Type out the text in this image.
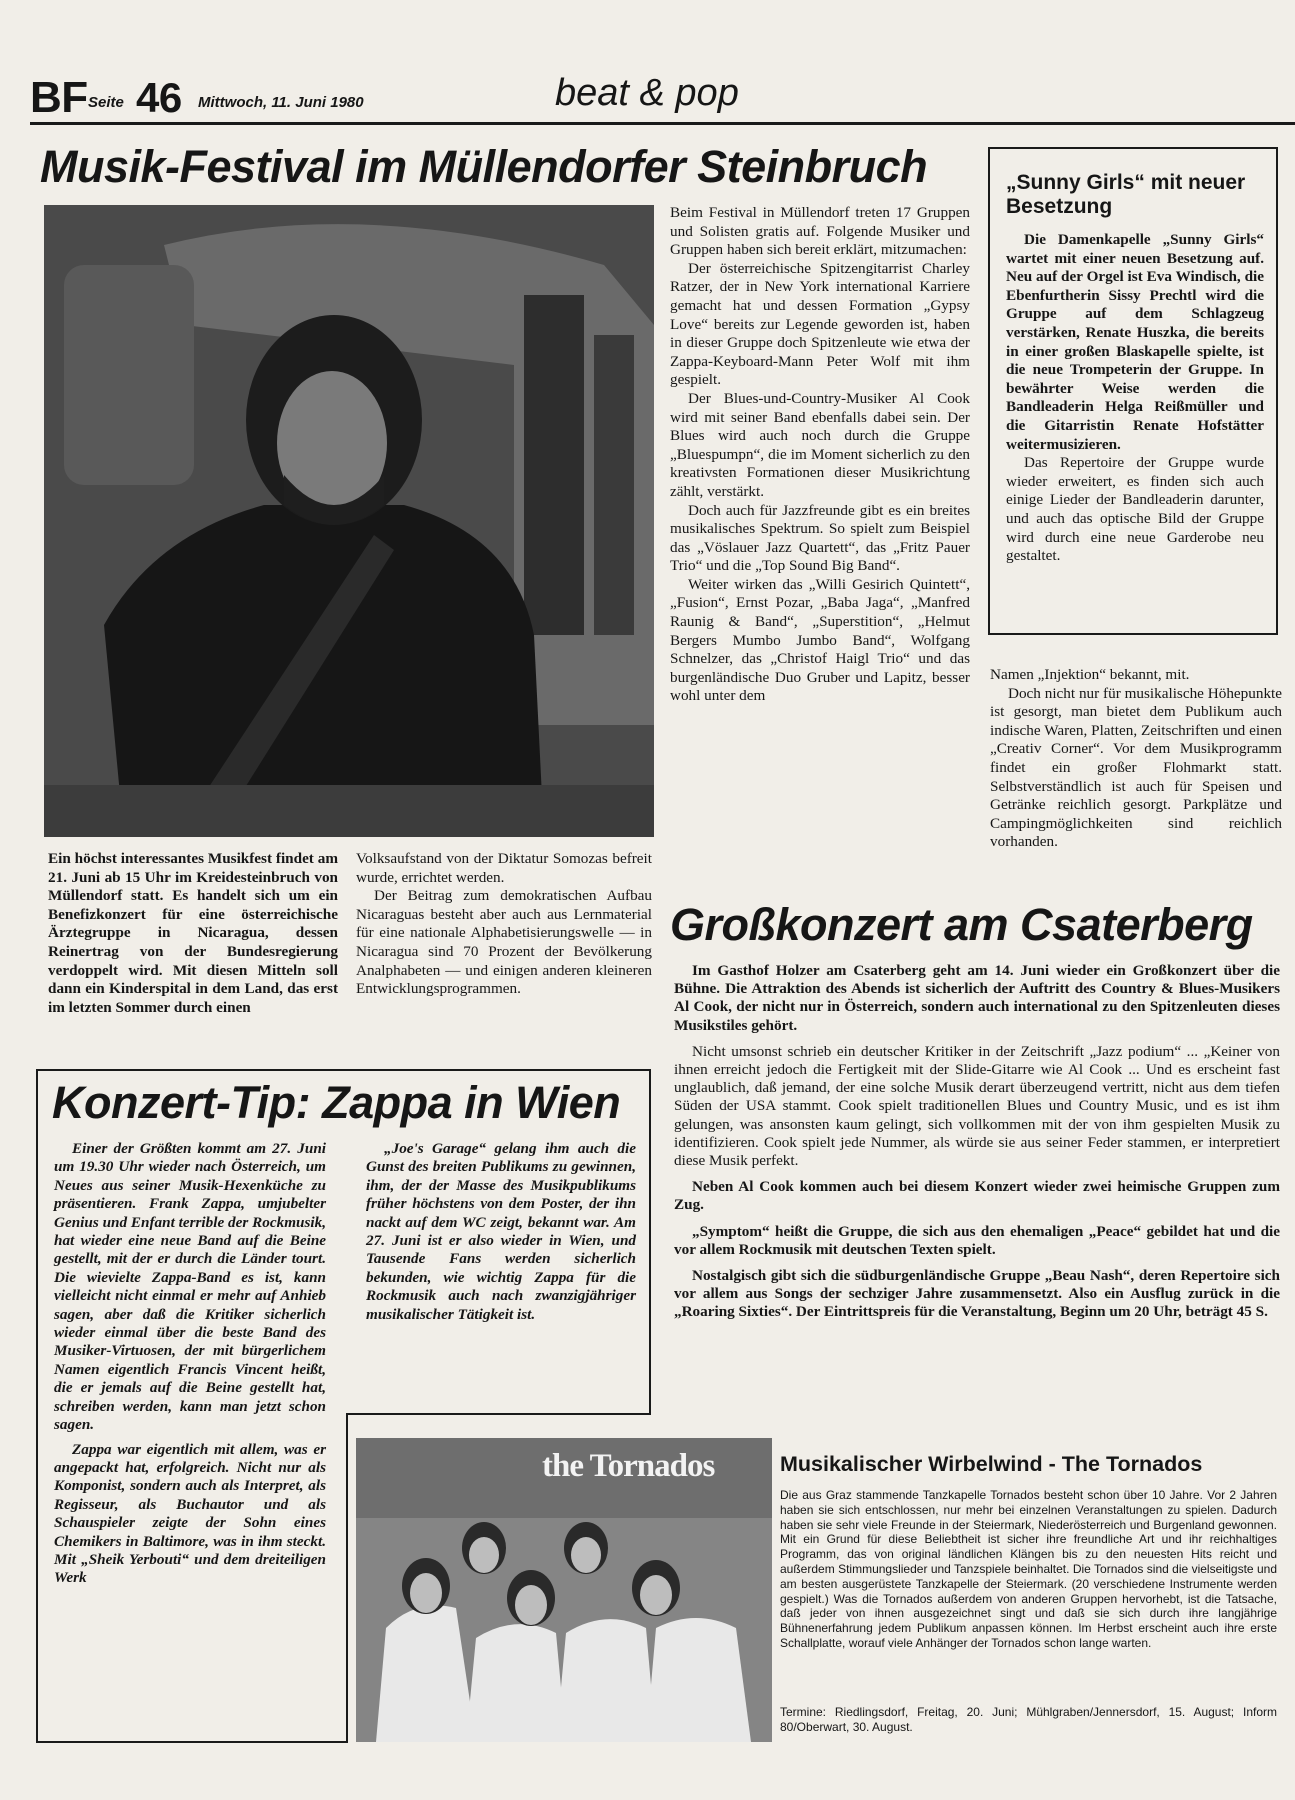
BF Seite 46 Mittwoch, 11. Juni 1980	beat & pop
Musik-Festival im Müllendorfer Steinbruch
Ein höchst interessantes Musikfest findet am 21. Juni ab 15 Uhr im Kreidesteinbruch von Müllendorf statt. Es handelt sich um ein Benefizkonzert für eine österreichische Ärztegruppe in Nicaragua, dessen Reinertrag von der Bundesregierung verdoppelt wird. Mit diesen Mitteln soll dann ein Kinderspital in dem Land, das erst im letzten Sommer durch einen

Volksaufstand von der Diktatur Somozas befreit wurde, errichtet werden.

Der Beitrag zum demokratischen Aufbau Nicaraguas besteht aber auch aus Lernmaterial für eine nationale Alphabetisierungswelle — in Nicaragua sind 70 Prozent der Bevölkerung Analphabeten — und einigen anderen kleineren Entwicklungsprogrammen.

Beim Festival in Müllendorf treten 17 Gruppen und Solisten gratis auf. Folgende Musiker und Gruppen haben sich bereit erklärt, mitzumachen:

Der österreichische Spitzengitarrist Charley Ratzer, der in New York international Karriere gemacht hat und dessen Formation „Gypsy Love“ bereits zur Legende geworden ist, haben in dieser Gruppe doch Spitzenleute wie etwa der Zappa-Keyboard-Mann Peter Wolf mit ihm gespielt.

Der Blues-und-Country-Musiker Al Cook wird mit seiner Band ebenfalls dabei sein. Der Blues wird auch noch durch die Gruppe „Bluespumpn“, die im Moment sicherlich zu den kreativsten Formationen dieser Musikrichtung zählt, verstärkt.

Doch auch für Jazzfreunde gibt es ein breites musikalisches Spektrum. So spielt zum Beispiel das „Vöslauer Jazz Quartett“, das „Fritz Pauer Trio“ und die „Top Sound Big Band“.

Weiter wirken das „Willi Gesirich Quintett“, „Fusion“, Ernst Pozar, „Baba Jaga“, „Manfred Raunig & Band“, „Superstition“, „Helmut Bergers Mumbo Jumbo Band“, Wolfgang Schnelzer, das „Christof Haigl Trio“ und das burgenländische Duo Gruber und Lapitz, besser wohl unter dem

„Sunny Girls“ mit neuer Besetzung

Die Damenkapelle „Sunny Girls“ wartet mit einer neuen Besetzung auf. Neu auf der Orgel ist Eva Windisch, die Ebenfurtherin Sissy Prechtl wird die Gruppe auf dem Schlagzeug verstärken, Renate Huszka, die bereits in einer großen Blaskapelle spielte, ist die neue Trompeterin der Gruppe. In bewährter Weise werden die Bandleaderin Helga Reißmüller und die Gitarristin Renate Hofstätter weitermusizieren.

Das Repertoire der Gruppe wurde wieder erweitert, es finden sich auch einige Lieder der Bandleaderin darunter, und auch das optische Bild der Gruppe wird durch eine neue Garderobe neu gestaltet.

Namen „Injektion“ bekannt, mit.

Doch nicht nur für musikalische Höhepunkte ist gesorgt, man bietet dem Publikum auch indische Waren, Platten, Zeitschriften und einen „Creativ Corner“. Vor dem Musikprogramm findet ein großer Flohmarkt statt. Selbstverständlich ist auch für Speisen und Getränke reichlich gesorgt. Parkplätze und Campingmöglichkeiten sind reichlich vorhanden.

Großkonzert am Csaterberg

Im Gasthof Holzer am Csaterberg geht am 14. Juni wieder ein Großkonzert über die Bühne. Die Attraktion des Abends ist sicherlich der Auftritt des Country & Blues-Musikers Al Cook, der nicht nur in Österreich, sondern auch international zu den Spitzenleuten dieses Musikstiles gehört.

Nicht umsonst schrieb ein deutscher Kritiker in der Zeitschrift „Jazz podium“ ... „Keiner von ihnen erreicht jedoch die Fertigkeit mit der Slide-Gitarre wie Al Cook ... Und es erscheint fast unglaublich, daß jemand, der eine solche Musik derart überzeugend vertritt, nicht aus dem tiefen Süden der USA stammt. Cook spielt traditionellen Blues und Country Music, und es ist ihm gelungen, was ansonsten kaum gelingt, sich vollkommen mit der von ihm gespielten Musik zu identifizieren. Cook spielt jede Nummer, als würde sie aus seiner Feder stammen, er interpretiert diese Musik perfekt.

Neben Al Cook kommen auch bei diesem Konzert wieder zwei heimische Gruppen zum Zug.

„Symptom“ heißt die Gruppe, die sich aus den ehemaligen „Peace“ gebildet hat und die vor allem Rockmusik mit deutschen Texten spielt.

Nostalgisch gibt sich die südburgenländische Gruppe „Beau Nash“, deren Repertoire sich vor allem aus Songs der sechziger Jahre zusammensetzt. Also ein Ausflug zurück in die „Roaring Sixties“. Der Eintrittspreis für die Veranstaltung, Beginn um 20 Uhr, beträgt 45 S.

Konzert-Tip: Zappa in Wien

Einer der Größten kommt am 27. Juni um 19.30 Uhr wieder nach Österreich, um Neues aus seiner Musik-Hexenküche zu präsentieren. Frank Zappa, umjubelter Genius und Enfant terrible der Rockmusik, hat wieder eine neue Band auf die Beine gestellt, mit der er durch die Länder tourt. Die wievielte Zappa-Band es ist, kann vielleicht nicht einmal er mehr auf Anhieb sagen, aber daß die Kritiker sicherlich wieder einmal über die beste Band des Musiker-Virtuosen, der mit bürgerlichem Namen eigentlich Francis Vincent heißt, die er jemals auf die Beine gestellt hat, schreiben werden, kann man jetzt schon sagen.

Zappa war eigentlich mit allem, was er angepackt hat, erfolgreich. Nicht nur als Komponist, sondern auch als Interpret, als Regisseur, als Buchautor und als Schauspieler zeigte der Sohn eines Chemikers in Baltimore, was in ihm steckt. Mit „Sheik Yerbouti“ und dem dreiteiligen Werk

„Joe's Garage“ gelang ihm auch die Gunst des breiten Publikums zu gewinnen, ihm, der der Masse des Musikpublikums früher höchstens von dem Poster, der ihn nackt auf dem WC zeigt, bekannt war. Am 27. Juni ist er also wieder in Wien, und Tausende Fans werden sicherlich bekunden, wie wichtig Zappa für die Rockmusik auch nach zwanzigjähriger musikalischer Tätigkeit ist.

the Tornados	Musikalischer Wirbelwind - The Tornados
Die aus Graz stammende Tanzkapelle Tornados besteht schon über 10 Jahre. Vor 2 Jahren haben sie sich entschlossen, nur mehr bei einzelnen Veranstaltungen zu spielen. Dadurch haben sie sehr viele Freunde in der Steiermark, Niederösterreich und Burgenland gewonnen. Mit ein Grund für diese Beliebtheit ist sicher ihre freundliche Art und ihr reichhaltiges Programm, das von original ländlichen Klängen bis zu den neuesten Hits reicht und außerdem Stimmungslieder und Tanzspiele beinhaltet. Die Tornados sind die vielseitigste und am besten ausgerüstete Tanzkapelle der Steiermark. (20 verschiedene Instrumente werden gespielt.) Was die Tornados außerdem von anderen Gruppen hervorhebt, ist die Tatsache, daß jeder von ihnen ausgezeichnet singt und daß sie sich durch ihre langjährige Bühnenerfahrung jedem Publikum anpassen können. Im Herbst erscheint auch ihre erste Schallplatte, worauf viele Anhänger der Tornados schon lange warten.
Termine: Riedlingsdorf, Freitag, 20. Juni; Mühlgraben/Jennersdorf, 15. August; Inform 80/Oberwart, 30. August.
